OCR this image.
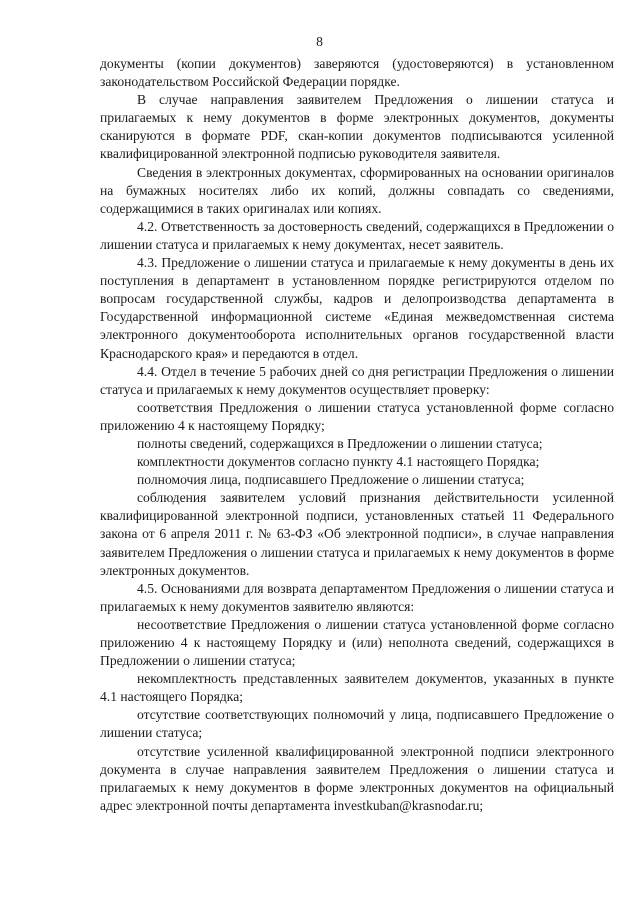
8

документы (копии документов) заверяются (удостоверяются) в установленном законодательством Российской Федерации порядке.

В случае направления заявителем Предложения о лишении статуса и прилагаемых к нему документов в форме электронных документов, документы сканируются в формате PDF, скан-копии документов подписываются усиленной квалифицированной электронной подписью руководителя заявителя.

Сведения в электронных документах, сформированных на основании оригиналов на бумажных носителях либо их копий, должны совпадать со сведениями, содержащимися в таких оригиналах или копиях.

4.2. Ответственность за достоверность сведений, содержащихся в Предложении о лишении статуса и прилагаемых к нему документах, несет заявитель.

4.3. Предложение о лишении статуса и прилагаемые к нему документы в день их поступления в департамент в установленном порядке регистрируются отделом по вопросам государственной службы, кадров и делопроизводства департамента в Государственной информационной системе «Единая межведомственная система электронного документооборота исполнительных органов государственной власти Краснодарского края» и передаются в отдел.

4.4. Отдел в течение 5 рабочих дней со дня регистрации Предложения о лишении статуса и прилагаемых к нему документов осуществляет проверку:

соответствия Предложения о лишении статуса установленной форме согласно приложению 4 к настоящему Порядку;

полноты сведений, содержащихся в Предложении о лишении статуса;

комплектности документов согласно пункту 4.1 настоящего Порядка;

полномочия лица, подписавшего Предложение о лишении статуса;

соблюдения заявителем условий признания действительности усиленной квалифицированной электронной подписи, установленных статьей 11 Федерального закона от 6 апреля 2011 г. № 63-ФЗ «Об электронной подписи», в случае направления заявителем Предложения о лишении статуса и прилагаемых к нему документов в форме электронных документов.

4.5. Основаниями для возврата департаментом Предложения о лишении статуса и прилагаемых к нему документов заявителю являются:

несоответствие Предложения о лишении статуса установленной форме согласно приложению 4 к настоящему Порядку и (или) неполнота сведений, содержащихся в Предложении о лишении статуса;

некомплектность представленных заявителем документов, указанных в пункте 4.1 настоящего Порядка;

отсутствие соответствующих полномочий у лица, подписавшего Предложение о лишении статуса;

отсутствие усиленной квалифицированной электронной подписи электронного документа в случае направления заявителем Предложения о лишении статуса и прилагаемых к нему документов в форме электронных документов на официальный адрес электронной почты департамента investkuban@krasnodar.ru;
